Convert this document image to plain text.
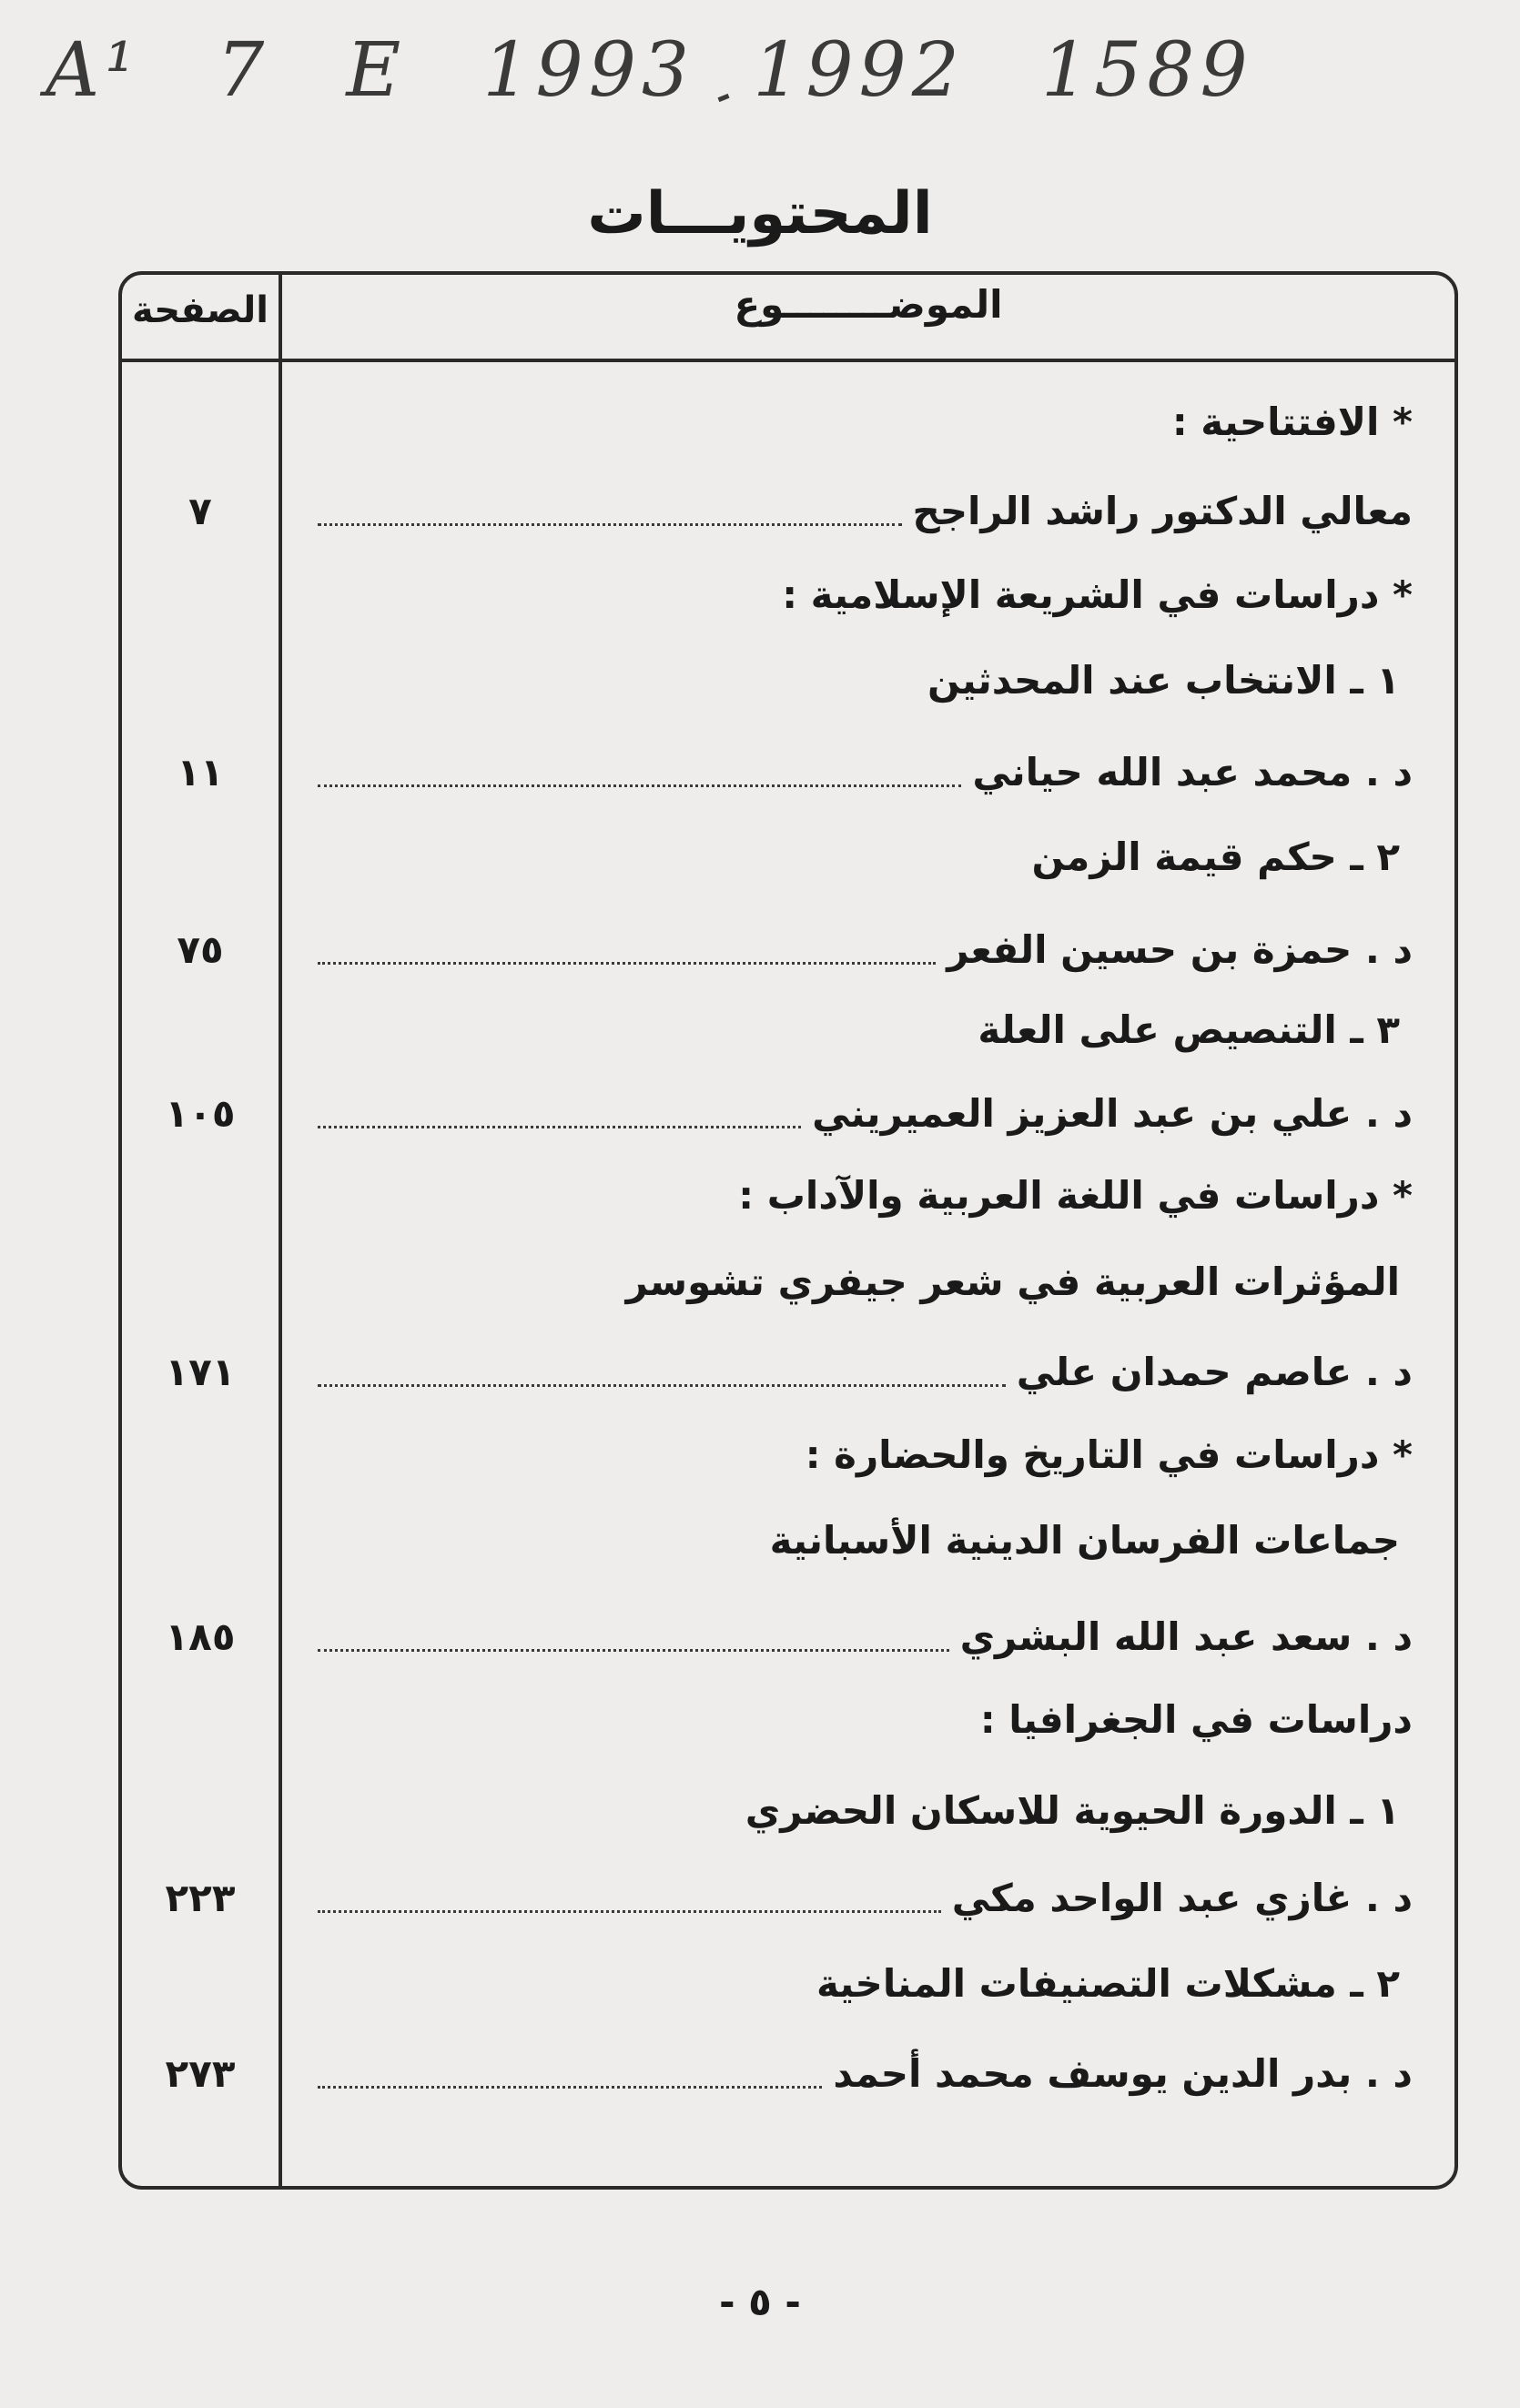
A¹ 7 E 1993 1992 1589
المحتويـــات
الصفحة	الموضــــــــوع
* الافتتاحية :
معالي الدكتور راشد الراجح
٧
* دراسات في الشريعة الإسلامية :
١ ـ الانتخاب عند المحدثين
د . محمد عبد الله حياني
١١
٢ ـ حكم قيمة الزمن
د . حمزة بن حسين الفعر
٧٥
٣ ـ التنصيص على العلة
د . علي بن عبد العزيز العميريني
١٠٥
* دراسات في اللغة العربية والآداب :
المؤثرات العربية في شعر جيفري تشوسر
د . عاصم حمدان علي
١٧١
* دراسات في التاريخ والحضارة :
جماعات الفرسان الدينية الأسبانية
د . سعد عبد الله البشري
١٨٥
دراسات في الجغرافيا :
١ ـ الدورة الحيوية للاسكان الحضري
د . غازي عبد الواحد مكي
٢٢٣
٢ ـ مشكلات التصنيفات المناخية
د . بدر الدين يوسف محمد أحمد
٢٧٣
- ٥ -
